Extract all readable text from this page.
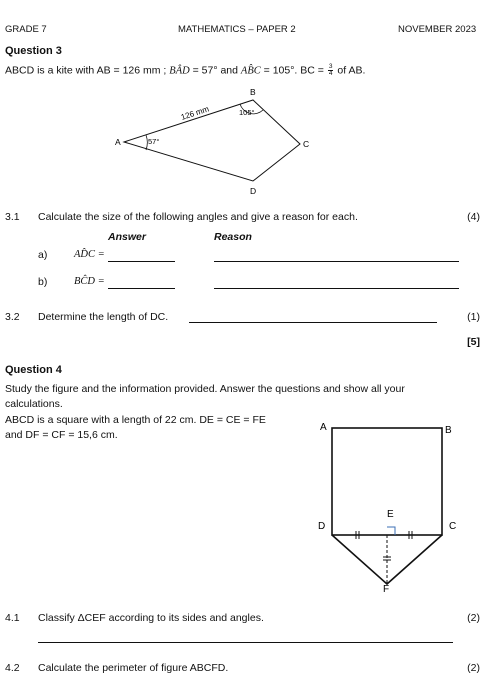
GRADE 7	MATHEMATICS – PAPER 2	NOVEMBER 2023
Question 3
ABCD is a kite with AB = 126 mm ; BÂD = 57° and AB̂C = 105°. BC = $\frac{3}{4}$ of AB.
A
B
C
D
126 mm
57°
105°
3.1 Calculate the size of the following angles and give a reason for each.	(4)
Answer	Reason
a)	AD̂C =
b)	BĈD =
3.2 Determine the length of DC.	(1)
[5]
Question 4
Study the figure and the information provided. Answer the questions and show all your
calculations.
ABCD is a square with a length of 22 cm. DE = CE = FE
and DF = CF = 15,6 cm.
A	B
C
D
E
F
4.1 Classify ΔCEF according to its sides and angles.	(2)
4.2 Calculate the perimeter of figure ABCFD.	(2)
